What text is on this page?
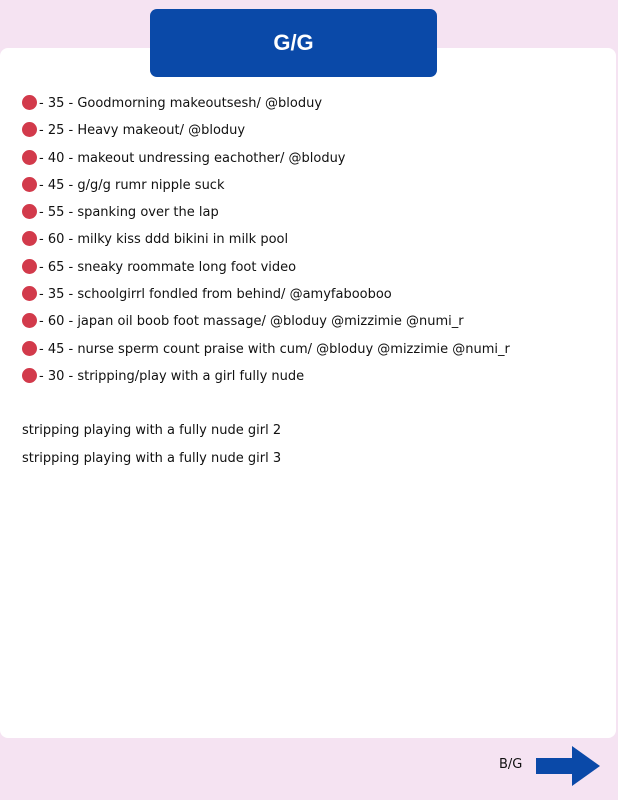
G/G
- 35 - Goodmorning makeoutsesh/ @bloduy
- 25 - Heavy makeout/ @bloduy
- 40 - makeout undressing eachother/ @bloduy
- 45 - g/g/g rumr nipple suck
- 55 - spanking over the lap
- 60 - milky kiss ddd bikini in milk pool
- 65 - sneaky roommate long foot video
- 35 - schoolgirrl fondled from behind/ @amyfabooboo
- 60 - japan oil boob foot massage/ @bloduy @mizzimie @numi_r
- 45 - nurse sperm count praise with cum/ @bloduy @mizzimie @numi_r
- 30 - stripping/play with a girl fully nude
stripping playing with a fully nude girl 2
stripping playing with a fully nude girl 3
B/G
